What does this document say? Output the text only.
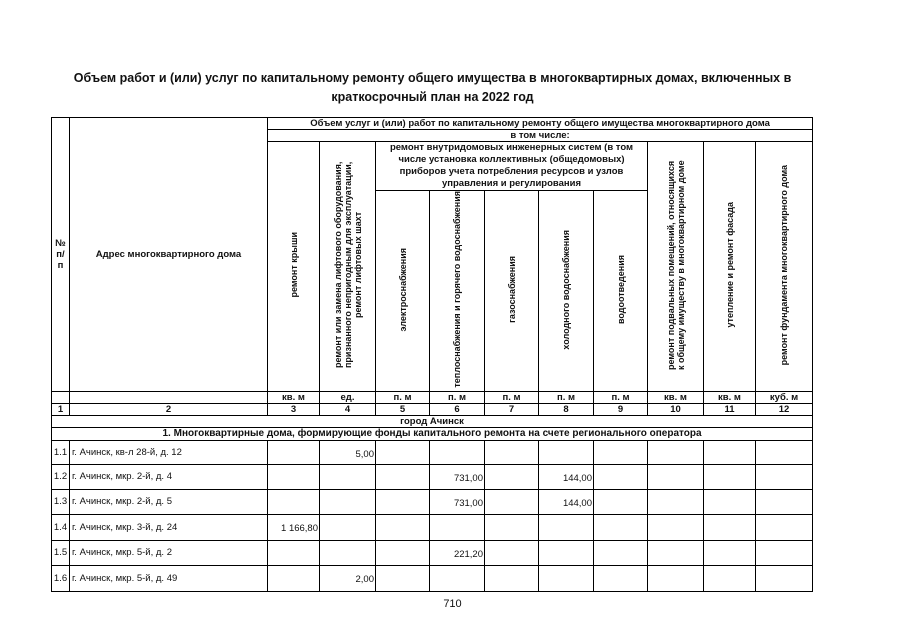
Объем работ и (или) услуг по капитальному ремонту общего имущества в многоквартирных домах, включенных в
краткосрочный план на 2022 год
№ п/ п	Адрес многоквартирного дома	Объем услуг и (или) работ по капитальному ремонту общего имущества многоквартирного дома									
		в том числе:									
		ремонт крыши	ремонт или замена лифтового оборудования, признанного непригодным для эксплуатации, ремонт лифтовых шахт	ремонт внутридомовых инженерных систем (в том числе установка коллективных (общедомовых) приборов учета потребления ресурсов и узлов управления и регулирования					ремонт подвальных помещений, относящихся к общему имуществу в многоквартирном доме	утепление и ремонт фасада	ремонт фундамента многоквартирного дома
				электроснабжения	теплоснабжения и горячего водоснабжения	газоснабжения	холодного водоснабжения	водоотведения			
		кв. м	ед.	п. м	п. м	п. м	п. м	п. м	кв. м	кв. м	куб. м
1	2	3	4	5	6	7	8	9	10	11	12
город Ачинск											
1. Многоквартирные дома, формирующие фонды капитального ремонта на счете регионального оператора											
1.1	г. Ачинск, кв-л 28-й, д. 12		5,00								
1.2	г. Ачинск, мкр. 2-й, д. 4				731,00		144,00				
1.3	г. Ачинск, мкр. 2-й, д. 5				731,00		144,00				
1.4	г. Ачинск, мкр. 3-й, д. 24	1 166,80									
1.5	г. Ачинск, мкр. 5-й, д. 2				221,20						
1.6	г. Ачинск, мкр. 5-й, д. 49		2,00								
710
